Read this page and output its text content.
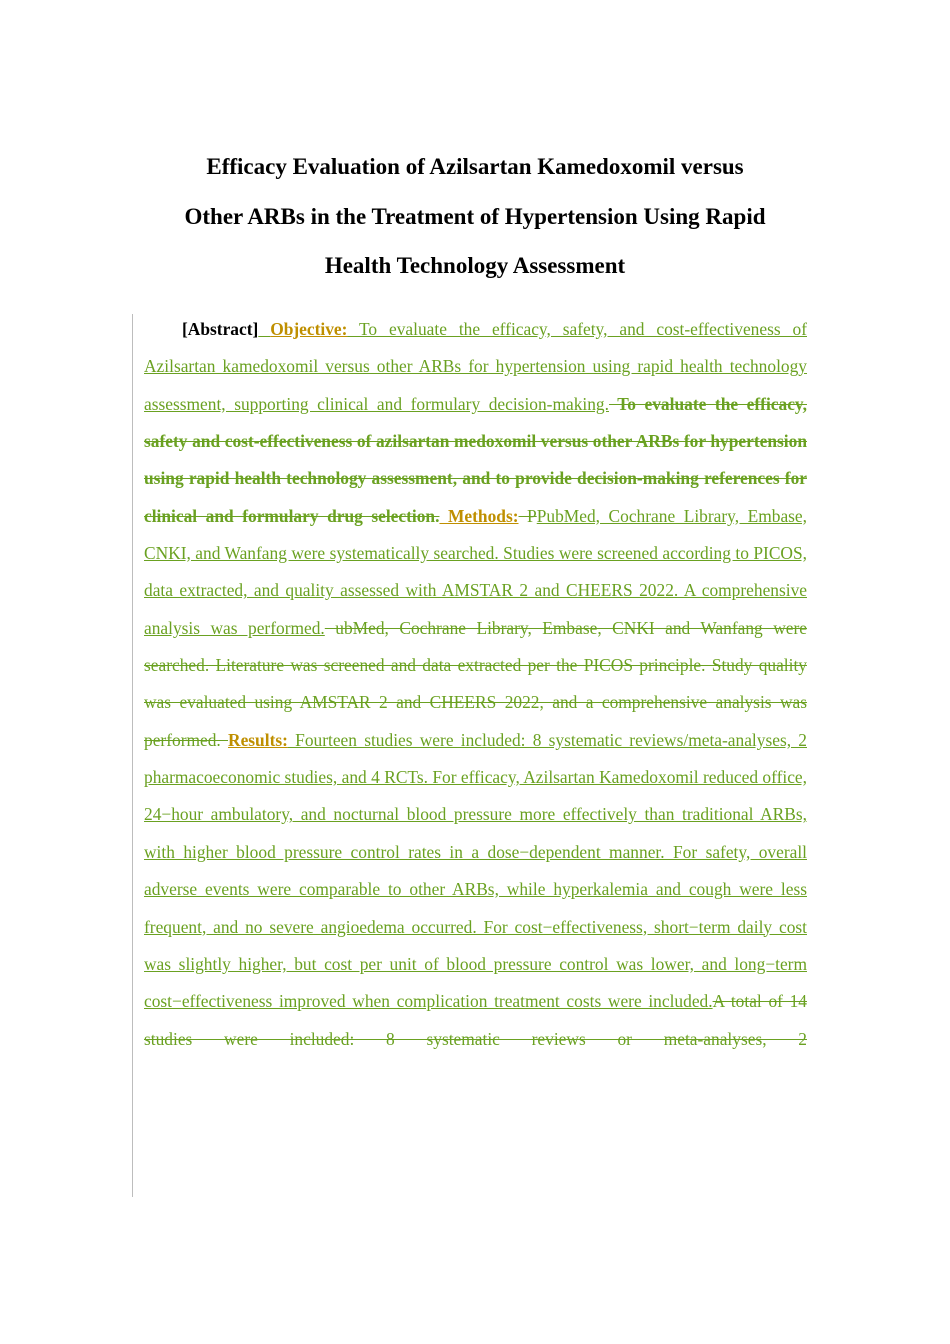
Efficacy Evaluation of Azilsartan Kamedoxomil versus
Other ARBs in the Treatment of Hypertension Using Rapid
Health Technology Assessment
[Abstract] Objective: To evaluate the efficacy, safety, and cost-effectiveness of Azilsartan kamedoxomil versus other ARBs for hypertension using rapid health technology assessment, supporting clinical and formulary decision-making. To evaluate the efficacy, safety and cost-effectiveness of azilsartan medoxomil versus other ARBs for hypertension using rapid health technology assessment, and to provide decision-making references for clinical and formulary drug selection. Methods: PPubMed, Cochrane Library, Embase, CNKI, and Wanfang were systematically searched. Studies were screened according to PICOS, data extracted, and quality assessed with AMSTAR 2 and CHEERS 2022. A comprehensive analysis was performed. ubMed, Cochrane Library, Embase, CNKI and Wanfang were searched. Literature was screened and data extracted per the PICOS principle. Study quality was evaluated using AMSTAR 2 and CHEERS 2022, and a comprehensive analysis was performed. Results: Fourteen studies were included: 8 systematic reviews/meta-analyses, 2 pharmacoeconomic studies, and 4 RCTs. For efficacy, Azilsartan Kamedoxomil reduced office, 24−hour ambulatory, and nocturnal blood pressure more effectively than traditional ARBs, with higher blood pressure control rates in a dose−dependent manner. For safety, overall adverse events were comparable to other ARBs, while hyperkalemia and cough were less frequent, and no severe angioedema occurred. For cost−effectiveness, short−term daily cost was slightly higher, but cost per unit of blood pressure control was lower, and long−term cost−effectiveness improved when complication treatment costs were included.A total of 14 studies were included: 8 systematic reviews or meta-analyses, 2
